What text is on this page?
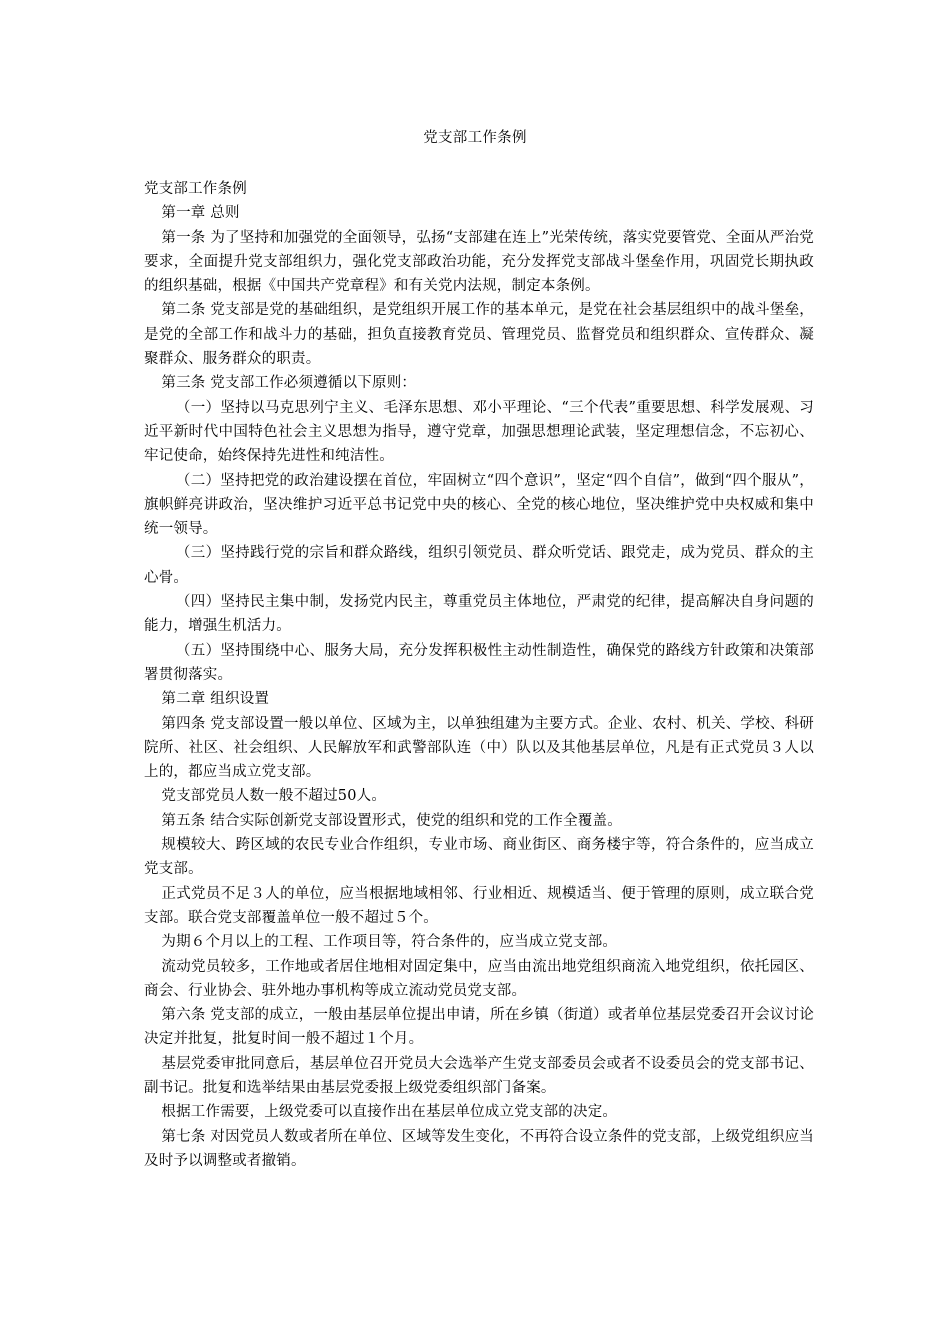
党支部工作条例

党支部工作条例

第一章 总则

第一条 为了坚持和加强党的全面领导，弘扬“支部建在连上”光荣传统，落实党要管党、全面从严治党要求，全面提升党支部组织力，强化党支部政治功能，充分发挥党支部战斗堡垒作用，巩固党长期执政的组织基础，根据《中国共产党章程》和有关党内法规，制定本条例。

第二条 党支部是党的基础组织，是党组织开展工作的基本单元，是党在社会基层组织中的战斗堡垒，是党的全部工作和战斗力的基础，担负直接教育党员、管理党员、监督党员和组织群众、宣传群众、凝聚群众、服务群众的职责。

第三条 党支部工作必须遵循以下原则：

（一）坚持以马克思列宁主义、毛泽东思想、邓小平理论、“三个代表”重要思想、科学发展观、习近平新时代中国特色社会主义思想为指导，遵守党章，加强思想理论武装，坚定理想信念，不忘初心、牢记使命，始终保持先进性和纯洁性。

（二）坚持把党的政治建设摆在首位，牢固树立“四个意识”，坚定“四个自信”，做到“四个服从”，旗帜鲜亮讲政治，坚决维护习近平总书记党中央的核心、全党的核心地位，坚决维护党中央权威和集中统一领导。

（三）坚持践行党的宗旨和群众路线，组织引领党员、群众听党话、跟党走，成为党员、群众的主心骨。

（四）坚持民主集中制，发扬党内民主，尊重党员主体地位，严肃党的纪律，提高解决自身问题的能力，增强生机活力。

（五）坚持围绕中心、服务大局，充分发挥积极性主动性制造性，确保党的路线方针政策和决策部署贯彻落实。

第二章 组织设置

第四条 党支部设置一般以单位、区域为主，以单独组建为主要方式。企业、农村、机关、学校、科研院所、社区、社会组织、人民解放军和武警部队连（中）队以及其他基层单位，凡是有正式党员３人以上的，都应当成立党支部。

党支部党员人数一般不超过50人。

第五条 结合实际创新党支部设置形式，使党的组织和党的工作全覆盖。

规模较大、跨区域的农民专业合作组织，专业市场、商业街区、商务楼宇等，符合条件的，应当成立党支部。

正式党员不足３人的单位，应当根据地域相邻、行业相近、规模适当、便于管理的原则，成立联合党支部。联合党支部覆盖单位一般不超过５个。

为期６个月以上的工程、工作项目等，符合条件的，应当成立党支部。

流动党员较多，工作地或者居住地相对固定集中，应当由流出地党组织商流入地党组织，依托园区、商会、行业协会、驻外地办事机构等成立流动党员党支部。

第六条 党支部的成立，一般由基层单位提出申请，所在乡镇（街道）或者单位基层党委召开会议讨论决定并批复，批复时间一般不超过１个月。

基层党委审批同意后，基层单位召开党员大会选举产生党支部委员会或者不设委员会的党支部书记、副书记。批复和选举结果由基层党委报上级党委组织部门备案。

根据工作需要，上级党委可以直接作出在基层单位成立党支部的决定。

第七条 对因党员人数或者所在单位、区域等发生变化，不再符合设立条件的党支部，上级党组织应当及时予以调整或者撤销。
